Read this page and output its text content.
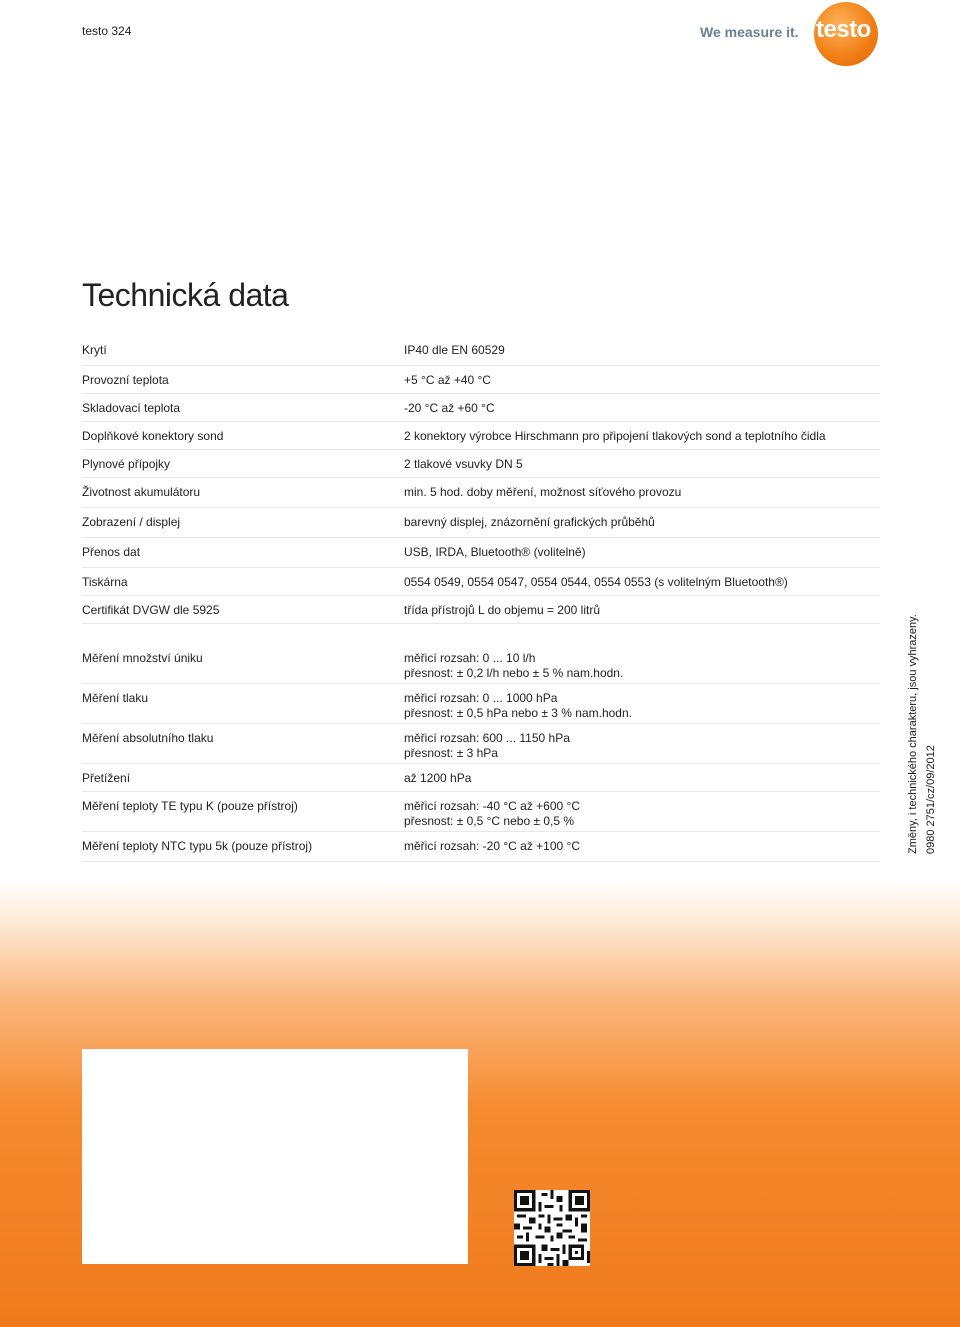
testo 324	We measure it. testo
Technická data
Krytí	IP40 dle EN 60529
Provozní teplota	+5 °C až +40 °C
Skladovací teplota	-20 °C až +60 °C
Doplňkové konektory sond	2 konektory výrobce Hirschmann pro připojení tlakových sond a teplotního čidla
Plynové přípojky	2 tlakové vsuvky DN 5
Životnost akumulátoru	min. 5 hod. doby měření, možnost síťového provozu
Zobrazení / displej	barevný displej, znázornění grafických průběhů
Přenos dat	USB, IRDA, Bluetooth® (volitelně)
Tiskárna	0554 0549, 0554 0547, 0554 0544, 0554 0553 (s volitelným Bluetooth®)
Certifikát DVGW dle 5925	třída přístrojů L do objemu = 200 litrů
Měření množství úniku	měřicí rozsah: 0 ... 10 l/h
přesnost: ± 0,2 l/h nebo ± 5 % nam.hodn.
Měření tlaku	měřicí rozsah: 0 ... 1000 hPa
přesnost: ± 0,5 hPa nebo ± 3 % nam.hodn.
Měření absolutního tlaku	měřicí rozsah: 600 ... 1150 hPa
přesnost: ± 3 hPa
Přetížení	až 1200 hPa
Měření teploty TE typu K (pouze přístroj)	měřicí rozsah: -40 °C až +600 °C
přesnost: ± 0,5 °C nebo ± 0,5 %
Měření teploty NTC typu 5k (pouze přístroj)	měřicí rozsah: -20 °C až +100 °C	Změny, i technického charakteru, jsou vyhrazeny. 0980 2751/cz/09/2012
